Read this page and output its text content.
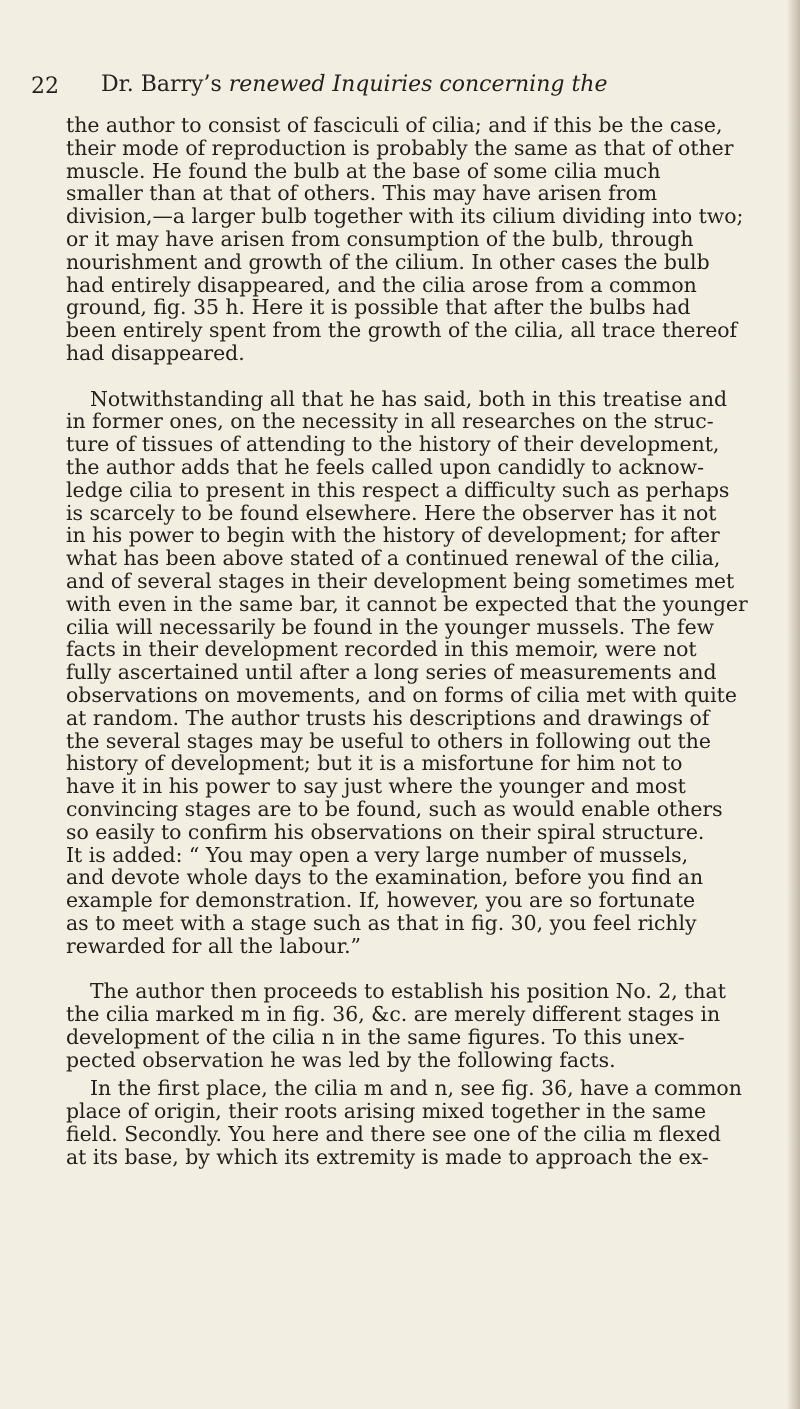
22 Dr. Barry’s renewed Inquiries concerning the
the author to consist of fasciculi of cilia; and if this be the case,
their mode of reproduction is probably the same as that of other
muscle. He found the bulb at the base of some cilia much
smaller than at that of others. This may have arisen from
division,—a larger bulb together with its cilium dividing into two;
or it may have arisen from consumption of the bulb, through
nourishment and growth of the cilium. In other cases the bulb
had entirely disappeared, and the cilia arose from a common
ground, fig. 35 h. Here it is possible that after the bulbs had
been entirely spent from the growth of the cilia, all trace thereof
had disappeared.
Notwithstanding all that he has said, both in this treatise and
in former ones, on the necessity in all researches on the struc-
ture of tissues of attending to the history of their development,
the author adds that he feels called upon candidly to acknow-
ledge cilia to present in this respect a difficulty such as perhaps
is scarcely to be found elsewhere. Here the observer has it not
in his power to begin with the history of development; for after
what has been above stated of a continued renewal of the cilia,
and of several stages in their development being sometimes met
with even in the same bar, it cannot be expected that the younger
cilia will necessarily be found in the younger mussels. The few
facts in their development recorded in this memoir, were not
fully ascertained until after a long series of measurements and
observations on movements, and on forms of cilia met with quite
at random. The author trusts his descriptions and drawings of
the several stages may be useful to others in following out the
history of development; but it is a misfortune for him not to
have it in his power to say just where the younger and most
convincing stages are to be found, such as would enable others
so easily to confirm his observations on their spiral structure.
It is added: “ You may open a very large number of mussels,
and devote whole days to the examination, before you find an
example for demonstration. If, however, you are so fortunate
as to meet with a stage such as that in fig. 30, you feel richly
rewarded for all the labour.”
The author then proceeds to establish his position No. 2, that
the cilia marked m in fig. 36, &c. are merely different stages in
development of the cilia n in the same figures. To this unex-
pected observation he was led by the following facts.
In the first place, the cilia m and n, see fig. 36, have a common
place of origin, their roots arising mixed together in the same
field. Secondly. You here and there see one of the cilia m flexed
at its base, by which its extremity is made to approach the ex-
